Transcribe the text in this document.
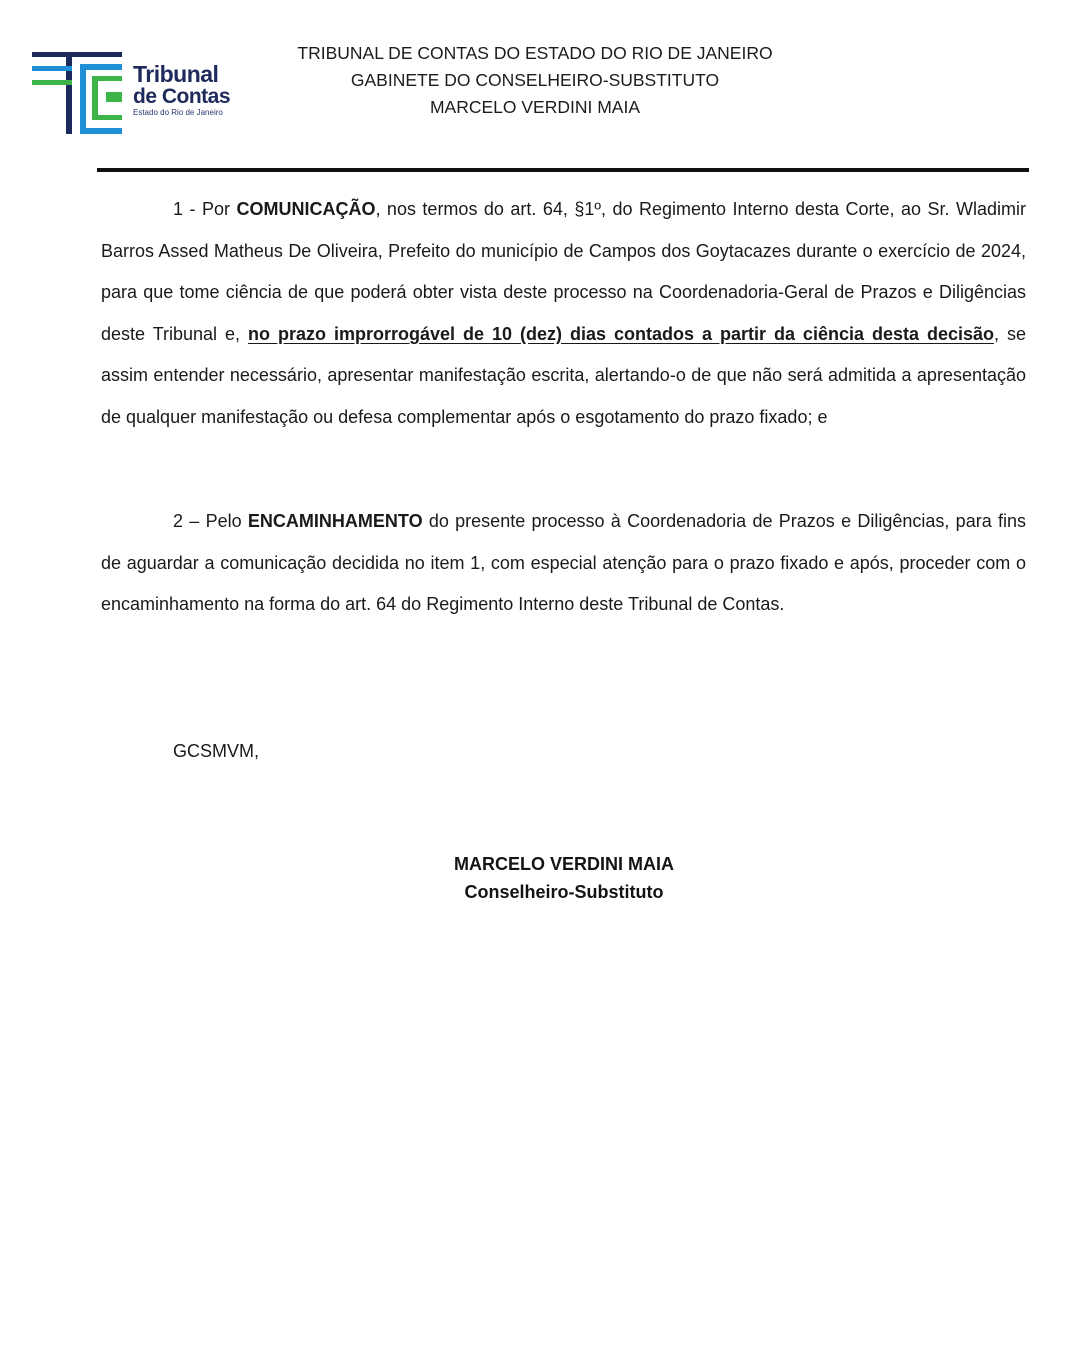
Tribunal
de Contas
Estado do Rio de Janeiro
TRIBUNAL DE CONTAS DO ESTADO DO RIO DE JANEIRO
GABINETE DO CONSELHEIRO-SUBSTITUTO
MARCELO VERDINI MAIA

1 - Por COMUNICAÇÃO, nos termos do art. 64, §1º, do Regimento Interno desta Corte, ao Sr. Wladimir Barros Assed Matheus De Oliveira, Prefeito do município de Campos dos Goytacazes durante o exercício de 2024, para que tome ciência de que poderá obter vista deste processo na Coordenadoria-Geral de Prazos e Diligências deste Tribunal e, no prazo improrrogável de 10 (dez) dias contados a partir da ciência desta decisão, se assim entender necessário, apresentar manifestação escrita, alertando-o de que não será admitida a apresentação de qualquer manifestação ou defesa complementar após o esgotamento do prazo fixado; e

2 – Pelo ENCAMINHAMENTO do presente processo à Coordenadoria de Prazos e Diligências, para fins de aguardar a comunicação decidida no item 1, com especial atenção para o prazo fixado e após, proceder com o encaminhamento na forma do art. 64 do Regimento Interno deste Tribunal de Contas.

GCSMVM,
MARCELO VERDINI MAIA
Conselheiro-Substituto
